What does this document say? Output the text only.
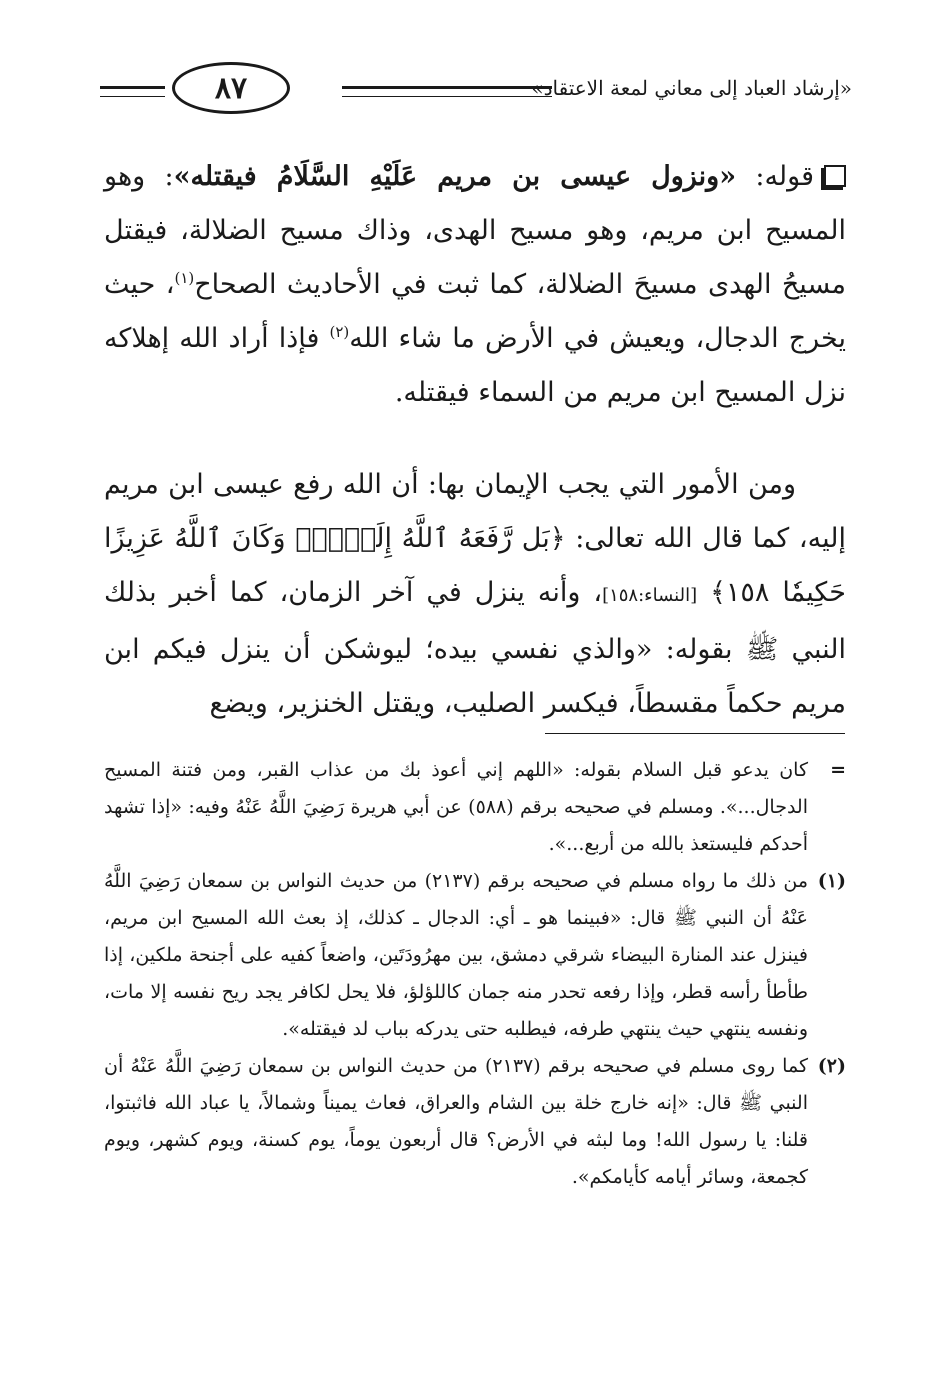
«إرشاد العباد إلى معاني لمعة الاعتقاد»
٨٧
قوله: «ونزول عيسى بن مريم عَلَيْهِ السَّلَامُ فيقتله»: وهو المسيح ابن مريم، وهو مسيح الهدى، وذاك مسيح الضلالة، فيقتل مسيحُ الهدى مسيحَ الضلالة، كما ثبت في الأحاديث الصحاح$^{(١)}$، حيث يخرج الدجال، ويعيش في الأرض ما شاء الله$^{(٢)}$ فإذا أراد الله إهلاكه نزل المسيح ابن مريم من السماء فيقتله.
ومن الأمور التي يجب الإيمان بها: أن الله رفع عيسى ابن مريم إليه، كما قال الله تعالى: ﴿بَل رَّفَعَهُ ٱللَّهُ إِلَيۡهِۚ وَكَانَ ٱللَّهُ عَزِيزًا حَكِيمٗا ١٥٨﴾ [النساء:١٥٨]، وأنه ينزل في آخر الزمان، كما أخبر بذلك النبي ﷺ بقوله: «والذي نفسي بيده؛ ليوشكن أن ينزل فيكم ابن مريم حكماً مقسطاً، فيكسر الصليب، ويقتل الخنزير، ويضع
=
كان يدعو قبل السلام بقوله: «اللهم إني أعوذ بك من عذاب القبر، ومن فتنة المسيح الدجال...». ومسلم في صحيحه برقم (٥٨٨) عن أبي هريرة رَضِيَ اللَّهُ عَنْهُ وفيه: «إذا تشهد أحدكم فليستعذ بالله من أربع...».
(١)
من ذلك ما رواه مسلم في صحيحه برقم (٢١٣٧) من حديث النواس بن سمعان رَضِيَ اللَّهُ عَنْهُ أن النبي ﷺ قال: «فبينما هو ـ أي: الدجال ـ كذلك، إذ بعث الله المسيح ابن مريم، فينزل عند المنارة البيضاء شرقي دمشق، بين مهرُودَتَين، واضعاً كفيه على أجنحة ملكين، إذا طأطأ رأسه قطر، وإذا رفعه تحدر منه جمان كاللؤلؤ، فلا يحل لكافر يجد ريح نفسه إلا مات، ونفسه ينتهي حيث ينتهي طرفه، فيطلبه حتى يدركه بباب لد فيقتله».
(٢)
كما روى مسلم في صحيحه برقم (٢١٣٧) من حديث النواس بن سمعان رَضِيَ اللَّهُ عَنْهُ أن النبي ﷺ قال: «إنه خارج خلة بين الشام والعراق، فعاث يميناً وشمالاً، يا عباد الله فاثبتوا، قلنا: يا رسول الله! وما لبثه في الأرض؟ قال أربعون يوماً، يوم كسنة، ويوم كشهر، ويوم كجمعة، وسائر أيامه كأيامكم».
